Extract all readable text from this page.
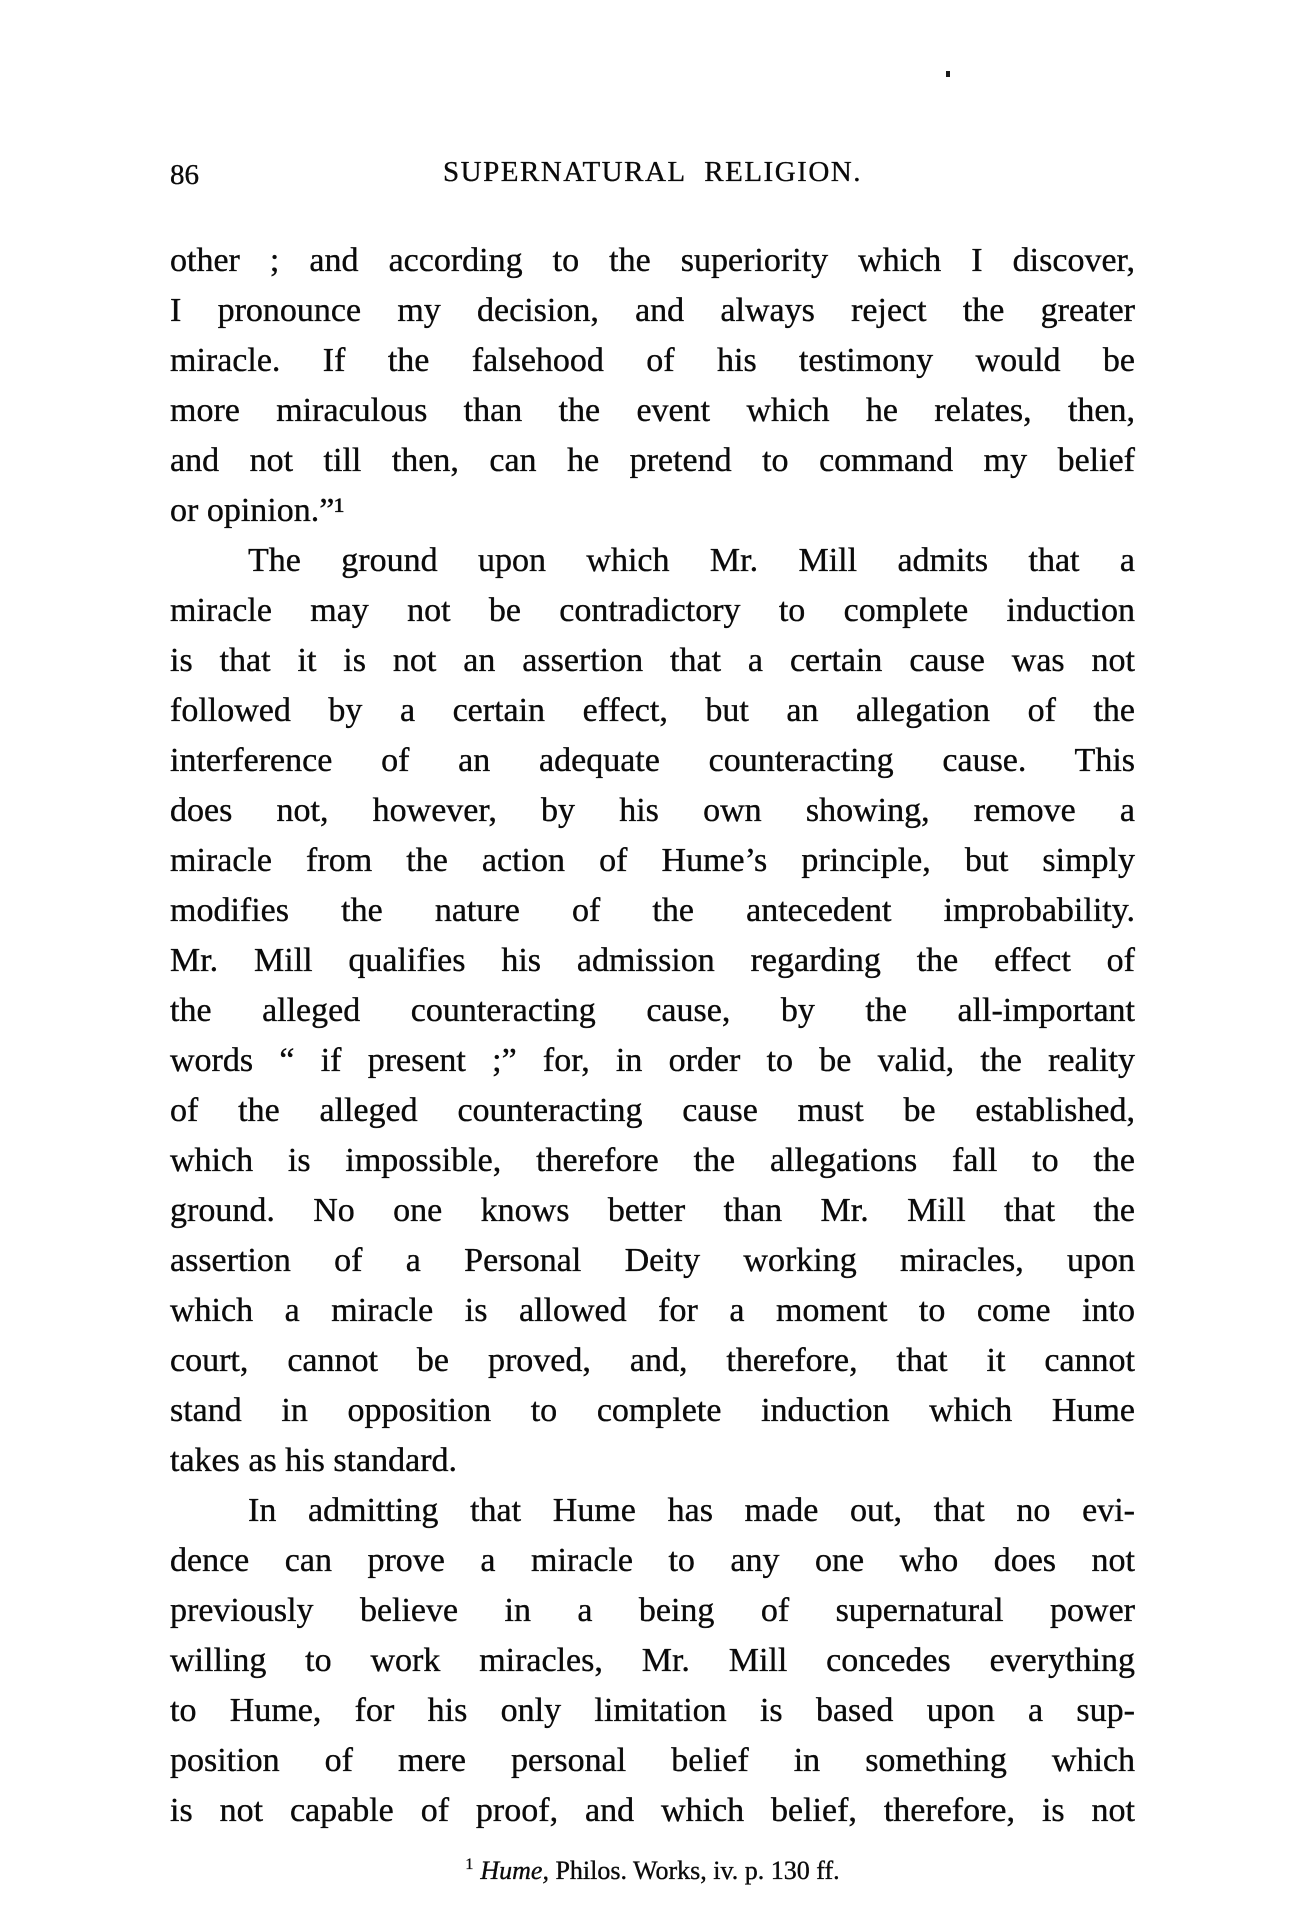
86	SUPERNATURAL RELIGION.
other ; and according to the superiority which I discover,
I pronounce my decision, and always reject the greater
miracle. If the falsehood of his testimony would be
more miraculous than the event which he relates, then,
and not till then, can he pretend to command my belief
or opinion.”¹
The ground upon which Mr. Mill admits that a
miracle may not be contradictory to complete induction
is that it is not an assertion that a certain cause was not
followed by a certain effect, but an allegation of the
interference of an adequate counteracting cause. This
does not, however, by his own showing, remove a
miracle from the action of Hume’s principle, but simply
modifies the nature of the antecedent improbability.
Mr. Mill qualifies his admission regarding the effect of
the alleged counteracting cause, by the all-important
words “ if present ;” for, in order to be valid, the reality
of the alleged counteracting cause must be established,
which is impossible, therefore the allegations fall to the
ground. No one knows better than Mr. Mill that the
assertion of a Personal Deity working miracles, upon
which a miracle is allowed for a moment to come into
court, cannot be proved, and, therefore, that it cannot
stand in opposition to complete induction which Hume
takes as his standard.
In admitting that Hume has made out, that no evi-
dence can prove a miracle to any one who does not
previously believe in a being of supernatural power
willing to work miracles, Mr. Mill concedes everything
to Hume, for his only limitation is based upon a sup-
position of mere personal belief in something which
is not capable of proof, and which belief, therefore, is not
$^1$ Hume, Philos. Works, iv. p. 130 ff.
